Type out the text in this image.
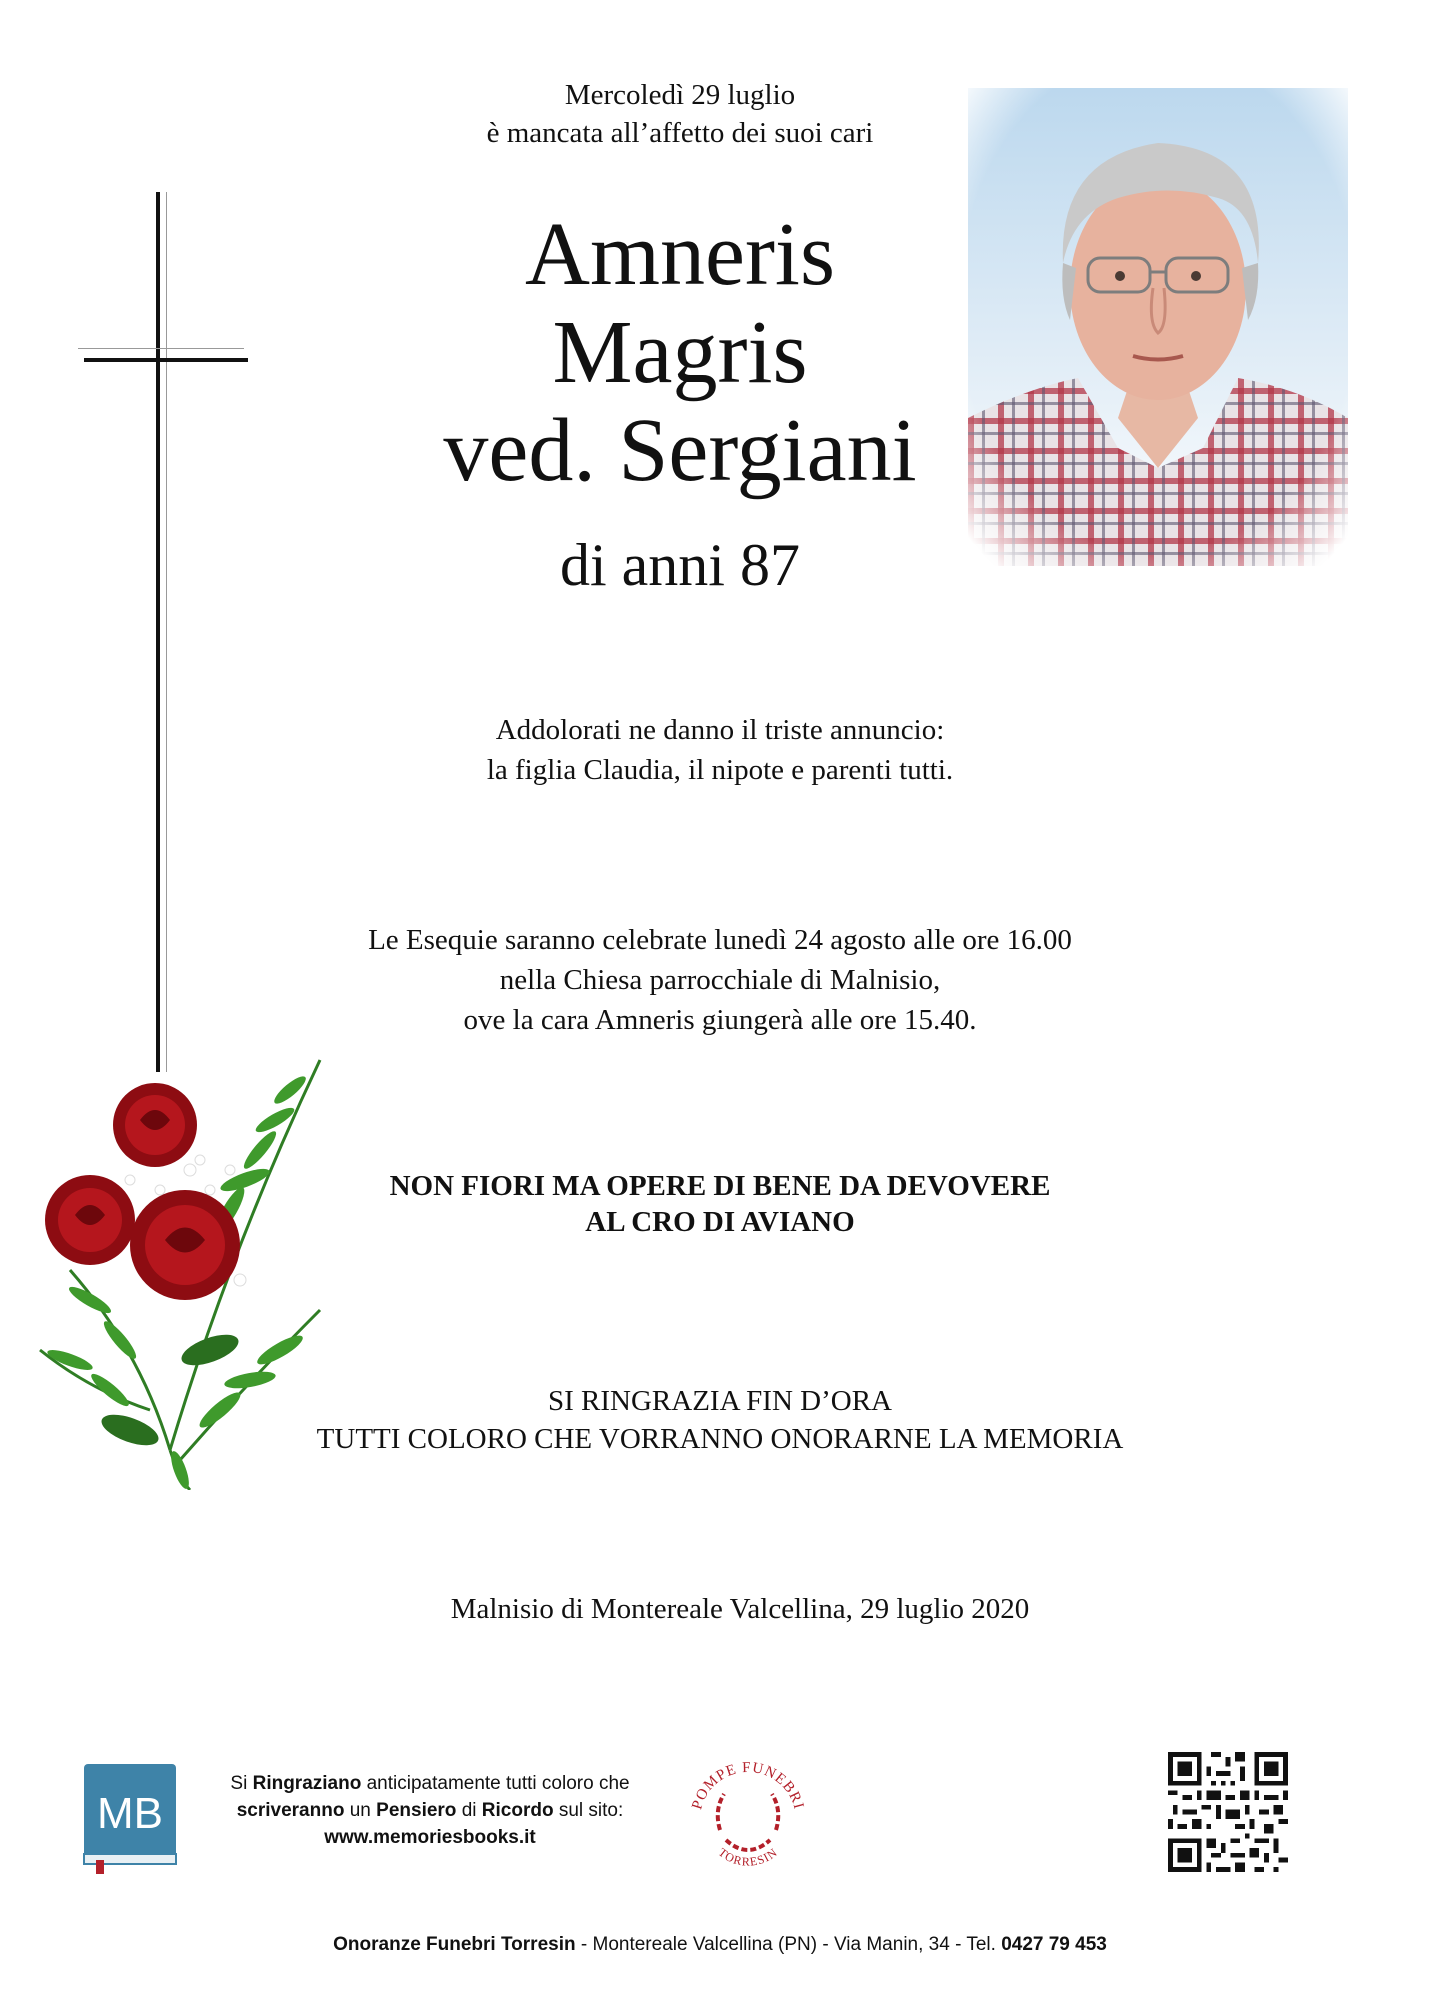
Mercoledì 29 luglio
è mancata all’affetto dei suoi cari
Amneris
Magris
ved. Sergiani
di anni 87
Addolorati ne danno il triste annuncio:
la figlia Claudia, il nipote e parenti tutti.
Le Esequie saranno celebrate lunedì 24 agosto alle ore 16.00
nella Chiesa parrocchiale di Malnisio,
ove la cara Amneris giungerà alle ore 15.40.
NON FIORI MA OPERE DI BENE DA DEVOVERE
AL CRO DI AVIANO
SI RINGRAZIA FIN D’ORA
TUTTI COLORO CHE VORRANNO ONORARNE LA MEMORIA
Malnisio di Montereale Valcellina, 29 luglio 2020
MB
Si Ringraziano anticipatamente tutti coloro che
scriveranno un Pensiero di Ricordo sul sito:
www.memoriesbooks.it
POMPE FUNEBRI
TORRESIN
Onoranze Funebri Torresin - Montereale Valcellina (PN) - Via Manin, 34 - Tel. 0427 79 453
